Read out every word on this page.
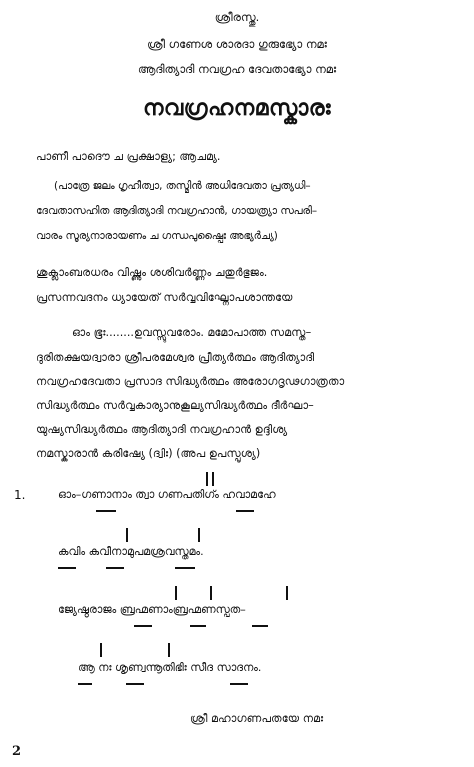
ശ്രീരസ്തു.
ശ്രീ ഗണേശ ശാരദാ ഗുരുഭ്യോ നമഃ
ആദിത്യാദി നവഗ്രഹ ദേവതാഭ്യോ നമഃ
നവഗ്രഹനമസ്കാരഃ
പാണീ പാദൌ ച പ്രക്ഷാള്യ; ആചമ്യ.
(പാത്രേ ജലം ഗൃഹീത്വാ, തസ്മിൻ അധിദേവതാ പ്രത്യധി–
ദേവതാസഹിത ആദിത്യാദി നവഗ്രഹാൻ, ഗായത്ര്യാ സപരി–
വാരം സൂര്യനാരായണം ച ഗന്ധപുഷ്പൈഃ അഭ്യർച്യ)
ശുക്ലാംബരധരം വിഷ്ണും ശശിവർണ്ണം ചതുർഭുജം.
പ്രസന്നവദനം ധ്യായേത് സർവ്വവിഘ്നോപശാന്തയേ
ഓം ഭൂഃ........ഉവസ്സുവരോം. മമോപാത്ത സമസ്ത–
ദുരിതക്ഷയദ്വാരാ ശ്രീപരമേശ്വര പ്രീത്യർത്ഥം ആദിത്യാദി
നവഗ്രഹദേവതാ പ്രസാദ സിദ്ധ്യർത്ഥം അരോഗദൃഢഗാത്രതാ
സിദ്ധ്യർത്ഥം സർവ്വകാര്യാനുകൂല്യസിദ്ധ്യർത്ഥം ദീർഘാ–
യുഷ്യസിദ്ധ്യർത്ഥം ആദിത്യാദി നവഗ്രഹാൻ ഉദ്ദിശ്യ
നമസ്കാരാൻ കരിഷ്യേ (ദ്വിഃ) (അപ ഉപസ്പൃശ്യ)
1.	ഓം–ഗണാനാം ത്വാ ഗണപതിഗ്ം ഹവാമഹേ
കവിം കവീനാമുപമശ്രവസ്തമം.
ജ്യേഷ്ഠരാജം ബ്രഹ്മണാംബ്രഹ്മണസ്പത–
ആ നഃ ശൃണ്വന്നൂതിഭിഃ സീദ സാദനം.
ശ്രീ മഹാഗണപതയേ നമഃ
2
